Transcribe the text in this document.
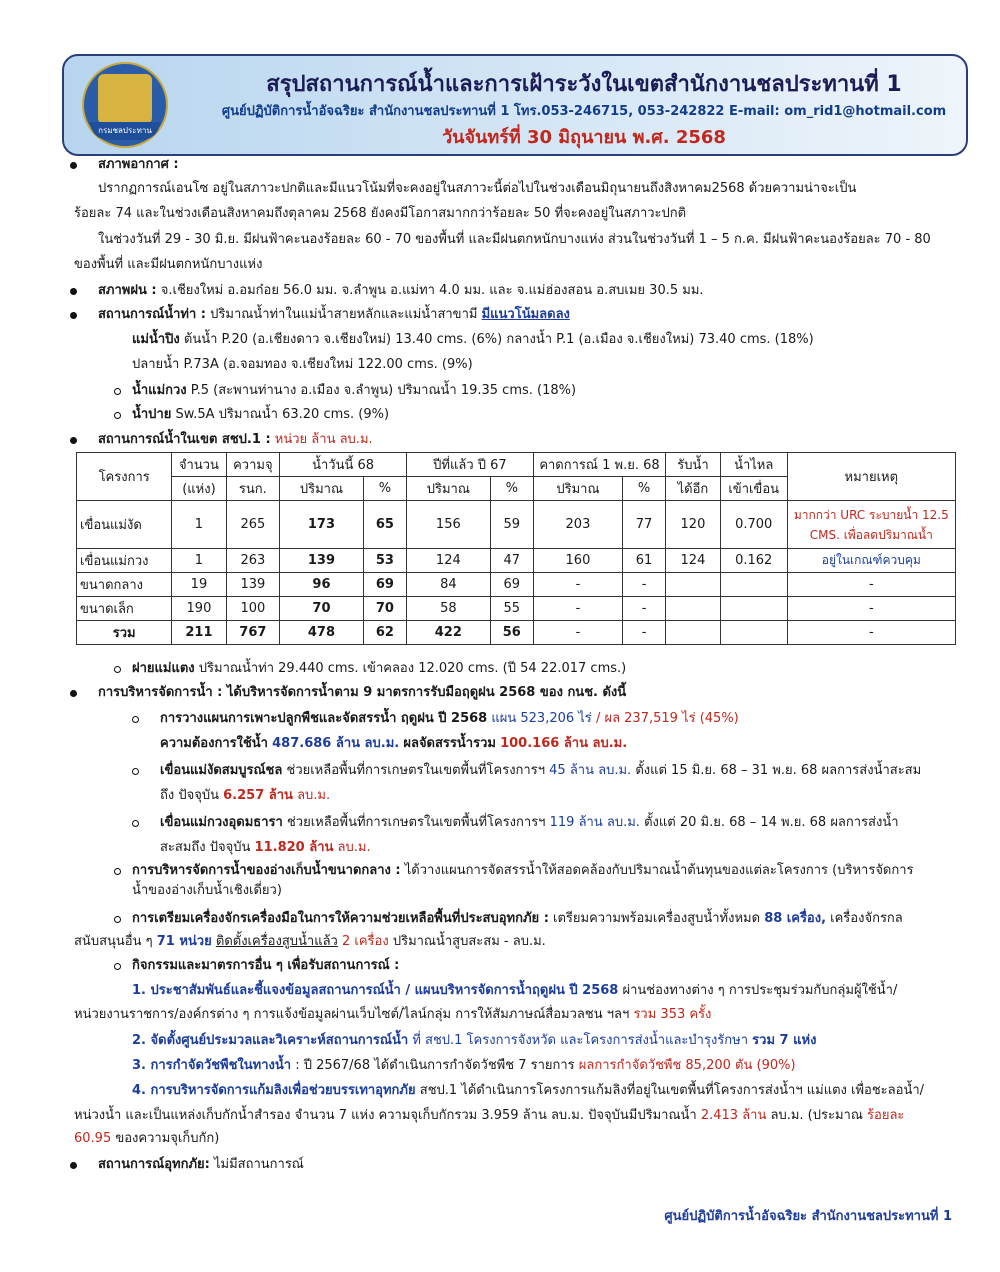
กรมชลประทาน
สรุปสถานการณ์น้ำและการเฝ้าระวังในเขตสำนักงานชลประทานที่ 1
ศูนย์ปฏิบัติการน้ำอัจฉริยะ สำนักงานชลประทานที่ 1 โทร.053-246715, 053-242822 E-mail: om_rid1@hotmail.com
วันจันทร์ที่ 30 มิถุนายน พ.ศ. 2568
สภาพอากาศ :
ปรากฏการณ์เอนโซ อยู่ในสภาวะปกติและมีแนวโน้มที่จะคงอยู่ในสภาวะนี้ต่อไปในช่วงเดือนมิถุนายนถึงสิงหาคม2568 ด้วยความน่าจะเป็น
ร้อยละ 74 และในช่วงเดือนสิงหาคมถึงตุลาคม 2568 ยังคงมีโอกาสมากกว่าร้อยละ 50 ที่จะคงอยู่ในสภาวะปกติ
ในช่วงวันที่ 29 - 30 มิ.ย. มีฝนฟ้าคะนองร้อยละ 60 - 70 ของพื้นที่ และมีฝนตกหนักบางแห่ง ส่วนในช่วงวันที่ 1 – 5 ก.ค. มีฝนฟ้าคะนองร้อยละ 70 - 80
ของพื้นที่ และมีฝนตกหนักบางแห่ง
สภาพฝน : จ.เชียงใหม่ อ.อมก๋อย 56.0 มม. จ.ลำพูน อ.แม่ทา 4.0 มม. และ จ.แม่ฮ่องสอน อ.สบเมย 30.5 มม.
สถานการณ์น้ำท่า : ปริมาณน้ำท่าในแม่น้ำสายหลักและแม่น้ำสาขามี มีแนวโน้มลดลง
แม่น้ำปิง ต้นน้ำ P.20 (อ.เชียงดาว จ.เชียงใหม่) 13.40 cms. (6%) กลางน้ำ P.1 (อ.เมือง จ.เชียงใหม่) 73.40 cms. (18%)
ปลายน้ำ P.73A (อ.จอมทอง จ.เชียงใหม่ 122.00 cms. (9%)
น้ำแม่กวง P.5 (สะพานท่านาง อ.เมือง จ.ลำพูน) ปริมาณน้ำ 19.35 cms. (18%)
น้ำปาย Sw.5A ปริมาณน้ำ 63.20 cms. (9%)
สถานการณ์น้ำในเขต สชป.1 : หน่วย ล้าน ลบ.ม.
โครงการ	จำนวน	ความจุ	น้ำวันนี้ 68		ปีที่แล้ว ปี 67		คาดการณ์ 1 พ.ย. 68		รับน้ำ	น้ำไหล	หมายเหตุ
	(แห่ง)	รนก.	ปริมาณ	%	ปริมาณ	%	ปริมาณ	%	ได้อีก	เข้าเขื่อน	
เขื่อนแม่งัด	1	265	173	65	156	59	203	77	120	0.700	มากกว่า URC ระบายน้ำ 12.5
CMS. เพื่อลดปริมาณน้ำ

เขื่อนแม่กวง	1	263	139	53	124	47	160	61	124	0.162	อยู่ในเกณฑ์ควบคุม
ขนาดกลาง	19	139	96	69	84	69	-	-			-
ขนาดเล็ก	190	100	70	70	58	55	-	-			-
รวม	211	767	478	62	422	56	-	-			-
ฝายแม่แตง ปริมาณน้ำท่า 29.440 cms. เข้าคลอง 12.020 cms. (ปี 54 22.017 cms.)
การบริหารจัดการน้ำ : ได้บริหารจัดการน้ำตาม 9 มาตรการรับมือฤดูฝน 2568 ของ กนช. ดังนี้
การวางแผนการเพาะปลูกพืชและจัดสรรน้ำ ฤดูฝน ปี 2568 แผน 523,206 ไร่ / ผล 237,519 ไร่ (45%)
ความต้องการใช้น้ำ 487.686 ล้าน ลบ.ม. ผลจัดสรรน้ำรวม 100.166 ล้าน ลบ.ม.
เขื่อนแม่งัดสมบูรณ์ชล ช่วยเหลือพื้นที่การเกษตรในเขตพื้นที่โครงการฯ 45 ล้าน ลบ.ม. ตั้งแต่ 15 มิ.ย. 68 – 31 พ.ย. 68 ผลการส่งน้ำสะสม
ถึง ปัจจุบัน 6.257 ล้าน ลบ.ม.
เขื่อนแม่กวงอุดมธารา ช่วยเหลือพื้นที่การเกษตรในเขตพื้นที่โครงการฯ 119 ล้าน ลบ.ม. ตั้งแต่ 20 มิ.ย. 68 – 14 พ.ย. 68 ผลการส่งน้ำ
สะสมถึง ปัจจุบัน 11.820 ล้าน ลบ.ม.
การบริหารจัดการน้ำของอ่างเก็บน้ำขนาดกลาง : ได้วางแผนการจัดสรรน้ำให้สอดคล้องกับปริมาณน้ำต้นทุนของแต่ละโครงการ (บริหารจัดการ
น้ำของอ่างเก็บน้ำเชิงเดี่ยว)
การเตรียมเครื่องจักรเครื่องมือในการให้ความช่วยเหลือพื้นที่ประสบอุทกภัย : เตรียมความพร้อมเครื่องสูบน้ำทั้งหมด 88 เครื่อง, เครื่องจักรกล
สนับสนุนอื่น ๆ 71 หน่วย ติดตั้งเครื่องสูบน้ำแล้ว 2 เครื่อง ปริมาณน้ำสูบสะสม - ลบ.ม.
กิจกรรมและมาตรการอื่น ๆ เพื่อรับสถานการณ์ :
1. ประชาสัมพันธ์และชี้แจงข้อมูลสถานการณ์น้ำ / แผนบริหารจัดการน้ำฤดูฝน ปี 2568 ผ่านช่องทางต่าง ๆ การประชุมร่วมกับกลุ่มผู้ใช้น้ำ/
หน่วยงานราชการ/องค์กรต่าง ๆ การแจ้งข้อมูลผ่านเว็บไซต์/ไลน์กลุ่ม การให้สัมภาษณ์สื่อมวลชน ฯลฯ รวม 353 ครั้ง
2. จัดตั้งศูนย์ประมวลและวิเคราะห์สถานการณ์น้ำ ที่ สชป.1 โครงการจังหวัด และโครงการส่งน้ำและบำรุงรักษา รวม 7 แห่ง
3. การกำจัดวัชพืชในทางน้ำ : ปี 2567/68 ได้ดำเนินการกำจัดวัชพืช 7 รายการ ผลการกำจัดวัชพืช 85,200 ตัน (90%)
4. การบริหารจัดการแก้มลิงเพื่อช่วยบรรเทาอุทกภัย สชป.1 ได้ดำเนินการโครงการแก้มลิงที่อยู่ในเขตพื้นที่โครงการส่งน้ำฯ แม่แตง เพื่อชะลอน้ำ/
หน่วงน้ำ และเป็นแหล่งเก็บกักน้ำสำรอง จำนวน 7 แห่ง ความจุเก็บกักรวม 3.959 ล้าน ลบ.ม. ปัจจุบันมีปริมาณน้ำ 2.413 ล้าน ลบ.ม. (ประมาณ ร้อยละ
60.95 ของความจุเก็บกัก)
สถานการณ์อุทกภัย: ไม่มีสถานการณ์
ศูนย์ปฏิบัติการน้ำอัจฉริยะ สำนักงานชลประทานที่ 1
